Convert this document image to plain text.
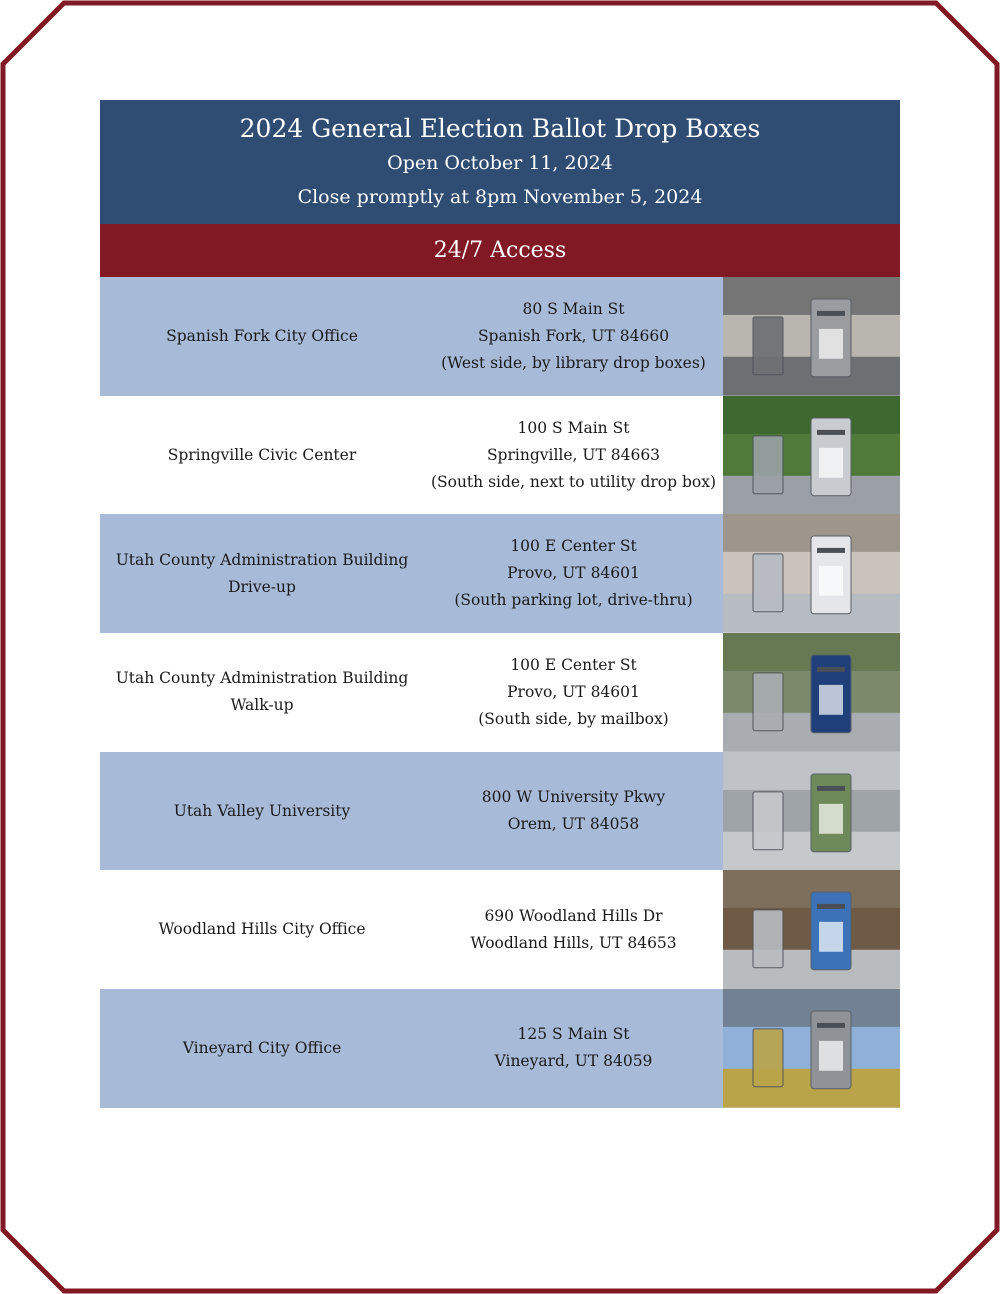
2024 General Election Ballot Drop Boxes
Open October 11, 2024
Close promptly at 8pm November 5, 2024
24/7 Access
Spanish Fork City Office
80 S Main St
Spanish Fork, UT 84660
(West side, by library drop boxes)
Springville Civic Center
100 S Main St
Springville, UT 84663
(South side, next to utility drop box)
Utah County Administration Building
Drive-up
100 E Center St
Provo, UT 84601
(South parking lot, drive-thru)
Utah County Administration Building
Walk-up
100 E Center St
Provo, UT 84601
(South side, by mailbox)
Utah Valley University
800 W University Pkwy
Orem, UT 84058
Woodland Hills City Office
690 Woodland Hills Dr
Woodland Hills, UT 84653
Vineyard City Office
125 S Main St
Vineyard, UT 84059
